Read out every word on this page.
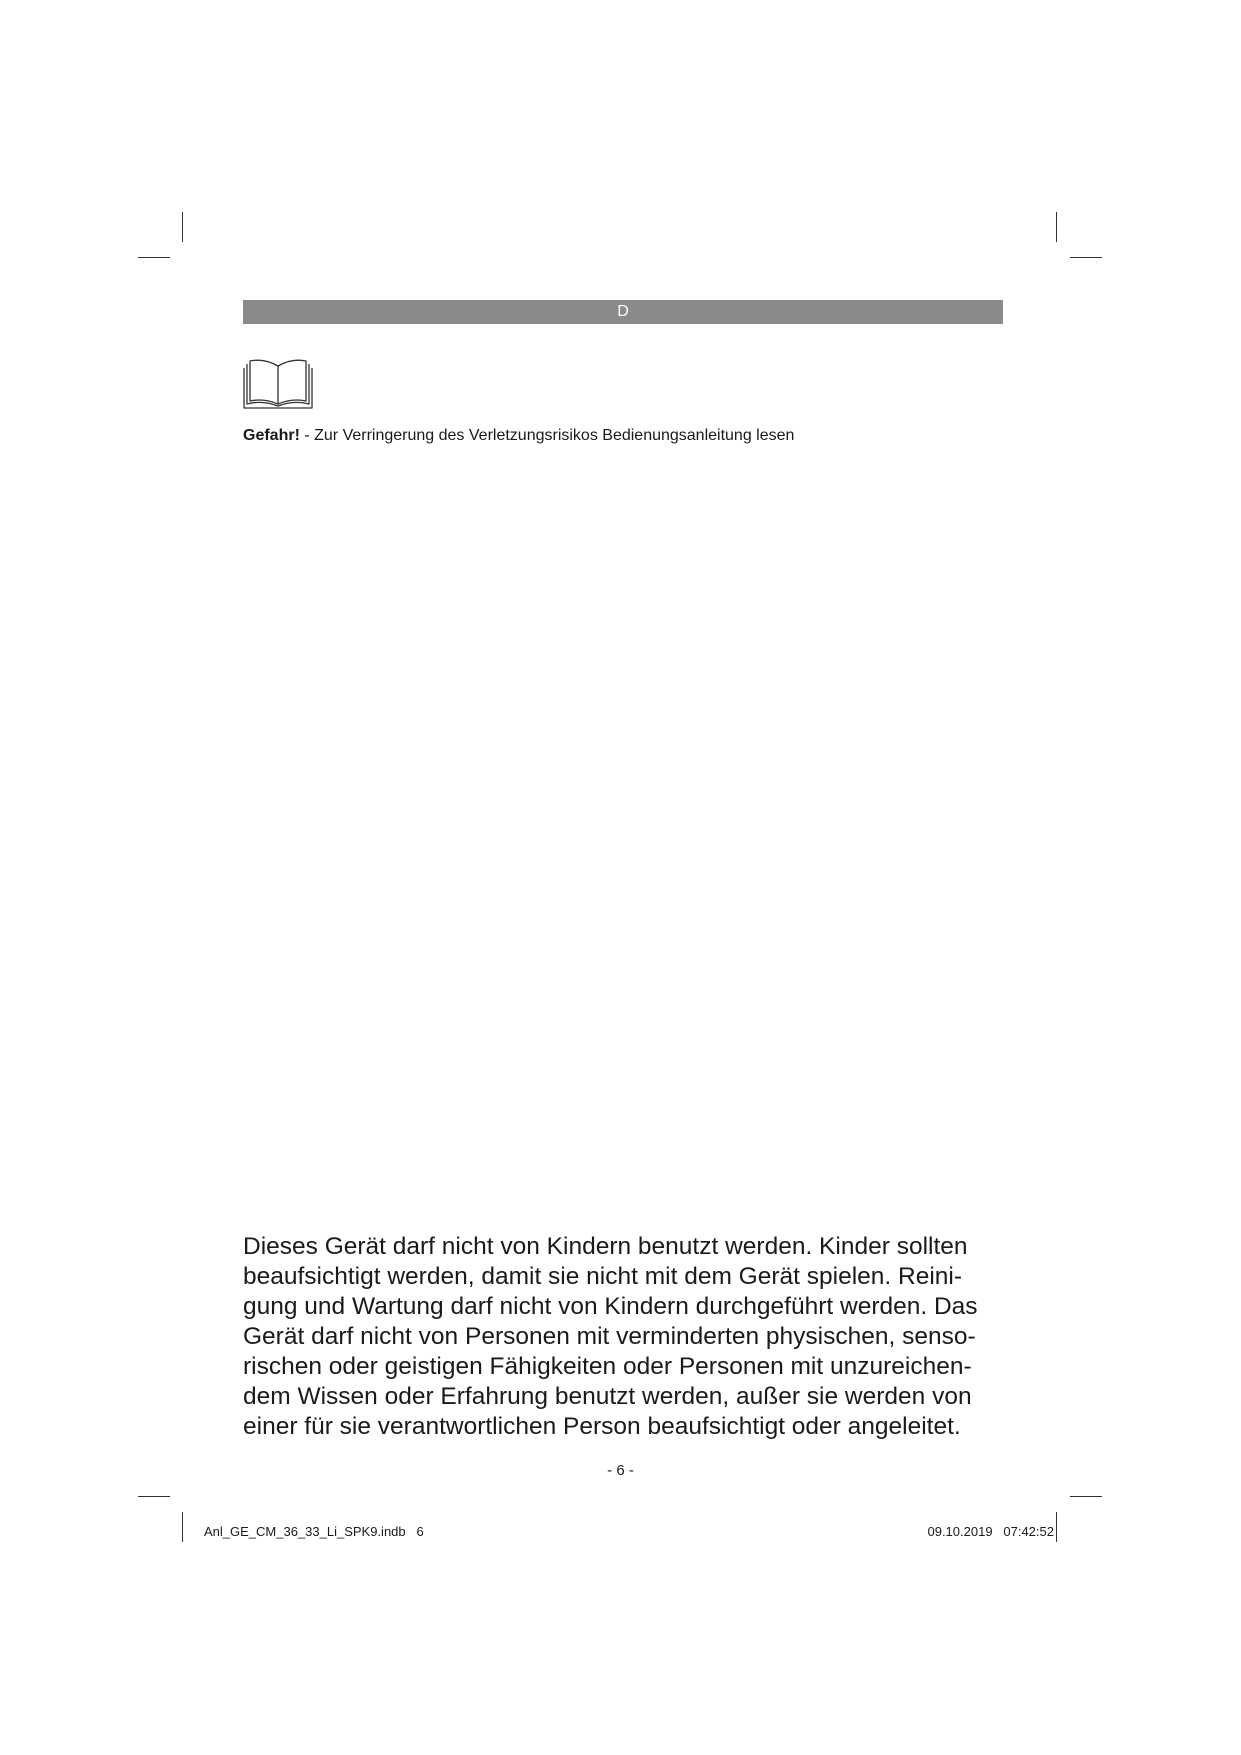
D
Gefahr! - Zur Verringerung des Verletzungsrisikos Bedienungsanleitung lesen
Dieses Gerät darf nicht von Kindern benutzt werden. Kinder sollten
beaufsichtigt werden, damit sie nicht mit dem Gerät spielen. Reini-
gung und Wartung darf nicht von Kindern durchgeführt werden. Das
Gerät darf nicht von Personen mit verminderten physischen, senso-
rischen oder geistigen Fähigkeiten oder Personen mit unzureichen-
dem Wissen oder Erfahrung benutzt werden, außer sie werden von
einer für sie verantwortlichen Person beaufsichtigt oder angeleitet.
- 6 -
Anl_GE_CM_36_33_Li_SPK9.indb   6	09.10.2019   07:42:52
